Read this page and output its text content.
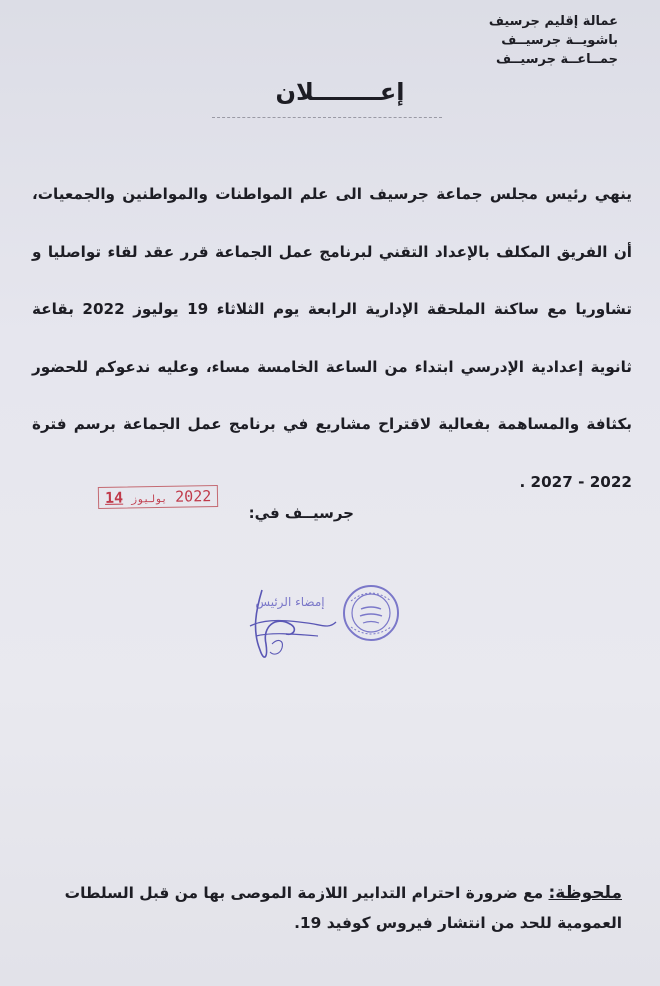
عمالة إقليم جرسيف
باشويــة جرسيــف
جمــاعــة جرسيــف
إعــــــــلان

ينهي رئيس مجلس جماعة جرسيف الى علم المواطنات والمواطنين والجمعيات، أن الفريق المكلف بالإعداد التقني لبرنامج عمل الجماعة قرر عقد لقاء تواصليا و تشاوريا مع ساكنة الملحقة الإدارية الرابعة يوم الثلاثاء 19 يوليوز 2022 بقاعة ثانوية إعدادية الإدرسي ابتداء من الساعة الخامسة مساء، وعليه ندعوكم للحضور بكثافة والمساهمة بفعالية لاقتراح مشاريع في برنامج عمل الجماعة برسم فترة 2022 - 2027 .

جرسيــف في:
14 يوليوز 2022
إمضاء الرئيس
ملحوظة: مع ضرورة احترام التدابير اللازمة الموصى بها من قبل السلطات العمومية للحد من انتشار فيروس كوفيد 19.
